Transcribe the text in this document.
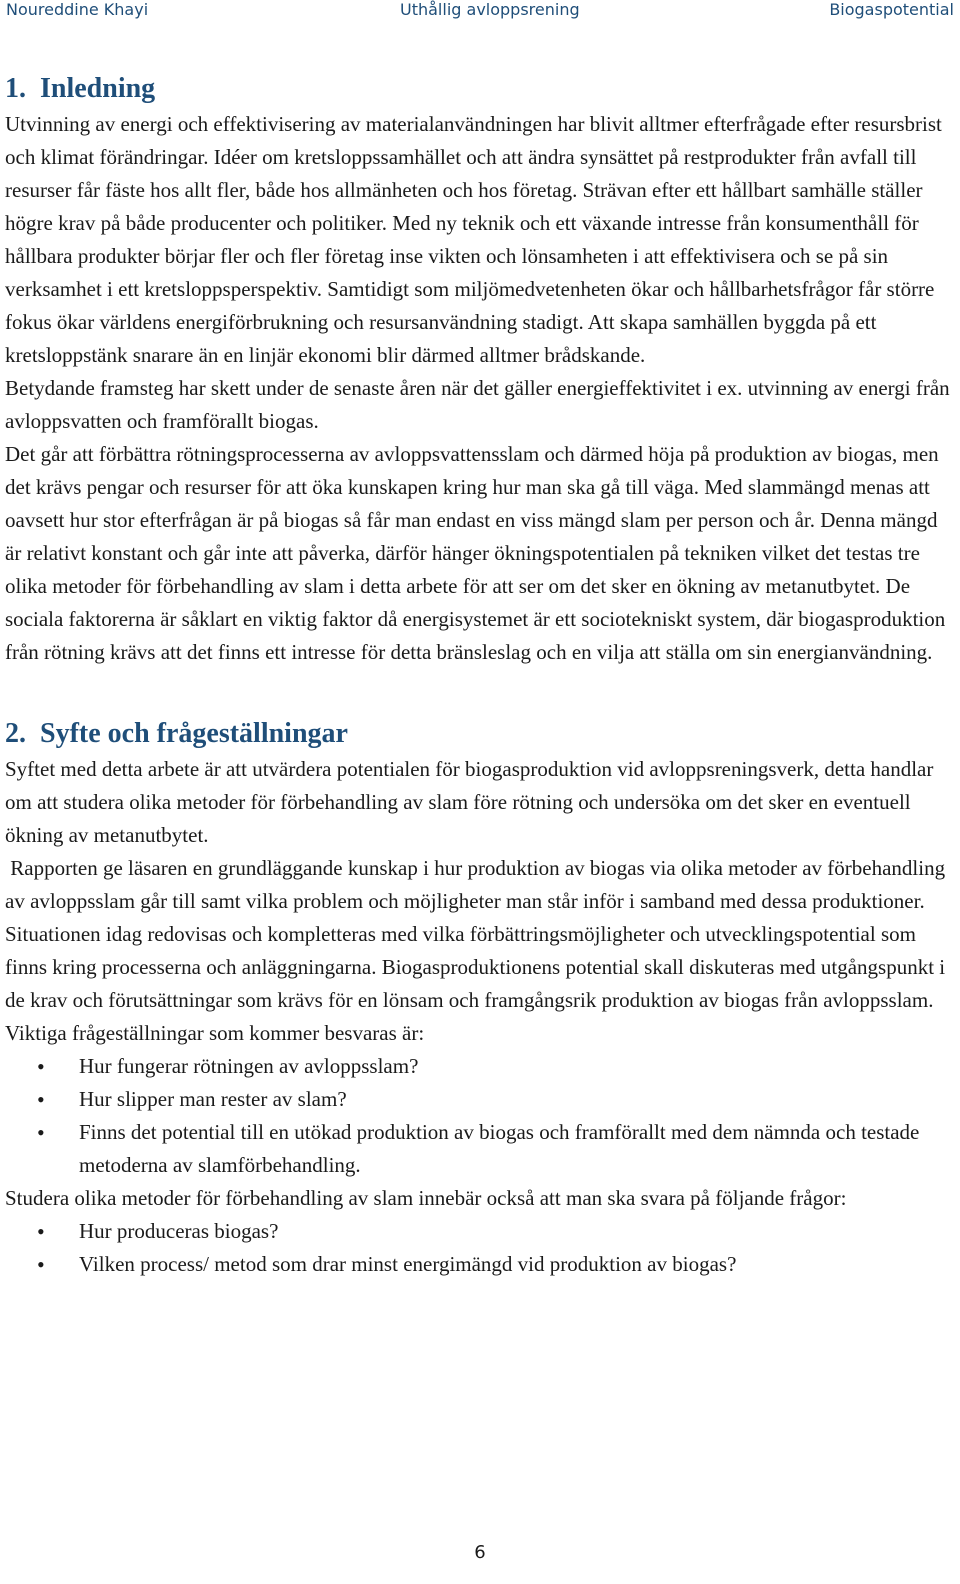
Noureddine Khayi	Uthållig avloppsrening	Biogaspotential
1. Inledning

Utvinning av energi och effektivisering av materialanvändningen har blivit alltmer efterfrågade efter resursbrist och klimat förändringar. Idéer om kretsloppssamhället och att ändra synsättet på restprodukter från avfall till resurser får fäste hos allt fler, både hos allmänheten och hos företag. Strävan efter ett hållbart samhälle ställer högre krav på både producenter och politiker. Med ny teknik och ett växande intresse från konsumenthåll för hållbara produkter börjar fler och fler företag inse vikten och lönsamheten i att effektivisera och se på sin verksamhet i ett kretsloppsperspektiv. Samtidigt som miljömedvetenheten ökar och hållbarhetsfrågor får större fokus ökar världens energiförbrukning och resursanvändning stadigt. Att skapa samhällen byggda på ett kretsloppstänk snarare än en linjär ekonomi blir därmed alltmer brådskande.

Betydande framsteg har skett under de senaste åren när det gäller energieffektivitet i ex. utvinning av energi från avloppsvatten och framförallt biogas.

Det går att förbättra rötningsprocesserna av avloppsvattensslam och därmed höja på produktion av biogas, men det krävs pengar och resurser för att öka kunskapen kring hur man ska gå till väga. Med slammängd menas att oavsett hur stor efterfrågan är på biogas så får man endast en viss mängd slam per person och år. Denna mängd är relativt konstant och går inte att påverka, därför hänger ökningspotentialen på tekniken vilket det testas tre olika metoder för förbehandling av slam i detta arbete för att ser om det sker en ökning av metanutbytet. De sociala faktorerna är såklart en viktig faktor då energisystemet är ett sociotekniskt system, där biogasproduktion från rötning krävs att det finns ett intresse för detta bränsleslag och en vilja att ställa om sin energianvändning.

2. Syfte och frågeställningar

Syftet med detta arbete är att utvärdera potentialen för biogasproduktion vid avloppsreningsverk, detta handlar om att studera olika metoder för förbehandling av slam före rötning och undersöka om det sker en eventuell ökning av metanutbytet.

Rapporten ge läsaren en grundläggande kunskap i hur produktion av biogas via olika metoder av förbehandling av avloppsslam går till samt vilka problem och möjligheter man står inför i samband med dessa produktioner.

Situationen idag redovisas och kompletteras med vilka förbättringsmöjligheter och utvecklingspotential som finns kring processerna och anläggningarna. Biogasproduktionens potential skall diskuteras med utgångspunkt i de krav och förutsättningar som krävs för en lönsam och framgångsrik produktion av biogas från avloppsslam.

Viktiga frågeställningar som kommer besvaras är:

• Hur fungerar rötningen av avloppsslam?
• Hur slipper man rester av slam?
• Finns det potential till en utökad produktion av biogas och framförallt med dem nämnda och testade metoderna av slamförbehandling.

Studera olika metoder för förbehandling av slam innebär också att man ska svara på följande frågor:

• Hur produceras biogas?
• Vilken process/ metod som drar minst energimängd vid produktion av biogas?
6
